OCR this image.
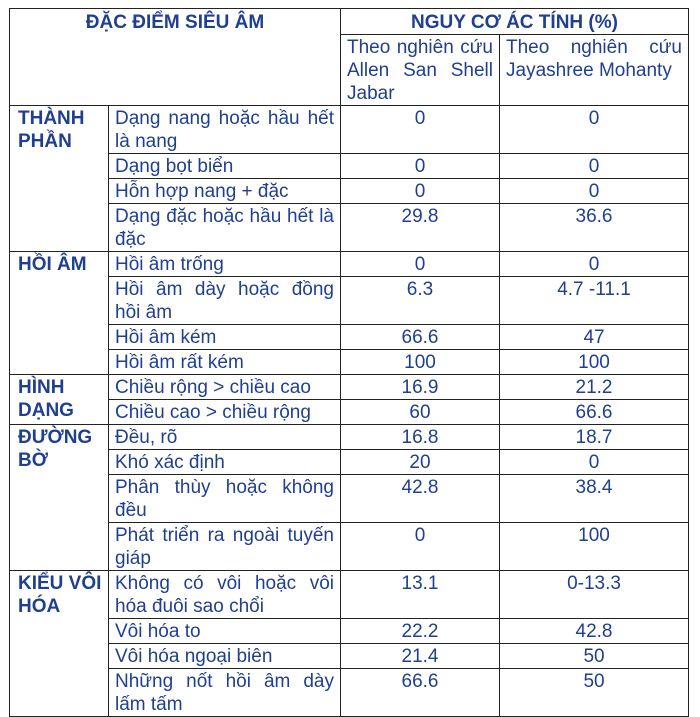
ĐẶC ĐIỂM SIÊU ÂM		NGUY CƠ ÁC TÍNH (%)	
		Theo nghiên cứu Allen San Shell Jabar	Theo nghiên cứu Jayashree Mohanty
THÀNH PHẦN	Dạng nang hoặc hầu hết là nang	0	0
	Dạng bọt biển	0	0
	Hỗn hợp nang + đặc	0	0
	Dạng đặc hoặc hầu hết là đặc	29.8	36.6
HỒI ÂM	Hồi âm trống	0	0
	Hồi âm dày hoặc đồng hồi âm	6.3	4.7 -11.1
	Hồi âm kém	66.6	47
	Hồi âm rất kém	100	100
HÌNH DẠNG	Chiều rộng > chiều cao	16.9	21.2
	Chiều cao > chiều rộng	60	66.6
ĐƯỜNG BỜ	Đều, rõ	16.8	18.7
	Khó xác định	20	0
	Phân thùy hoặc không đều	42.8	38.4
	Phát triển ra ngoài tuyến giáp	0	100
KIỂU VÔI HÓA	Không có vôi hoặc vôi hóa đuôi sao chổi	13.1	0-13.3
	Vôi hóa to	22.2	42.8
	Vôi hóa ngoại biên	21.4	50
	Những nốt hồi âm dày lấm tấm	66.6	50
